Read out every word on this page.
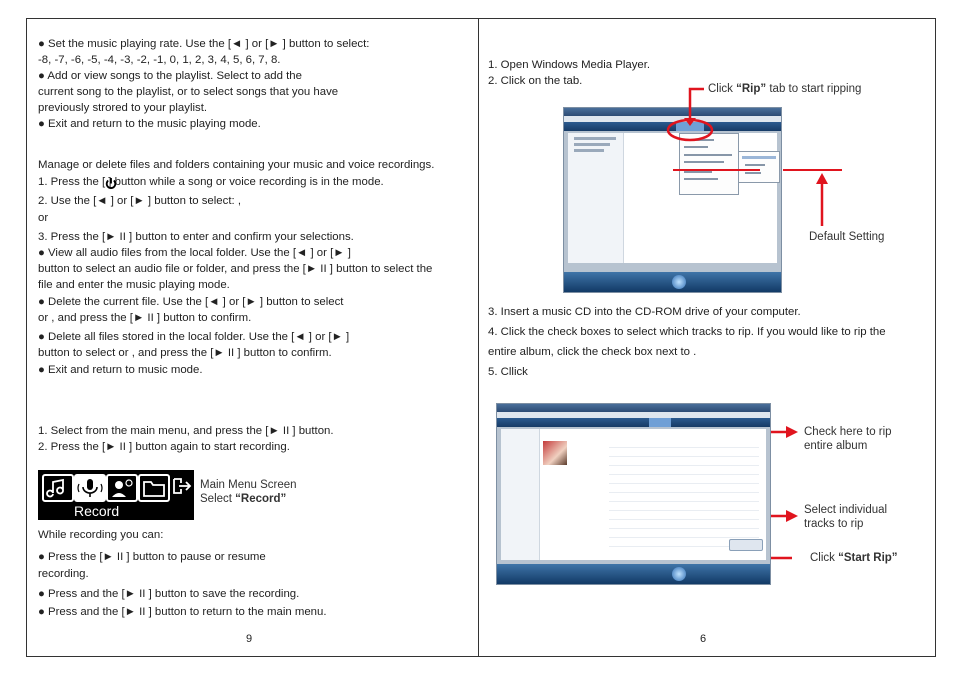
● Set the music playing rate. Use the [◄ ] or [► ] button to select:
-8, -7, -6, -5, -4, -3, -2, -1, 0, 1, 2, 3, 4, 5, 6, 7, 8.
● Add or view songs to the playlist. Select to add the
current song to the playlist, or to select songs that you have
previously strored to your playlist.
● Exit and return to the music playing mode.
Manage or delete files and folders containing your music and voice recordings.
1. Press the [ ] button while a song or voice recording is in the mode.
2. Use the [◄ ] or [► ] button to select: ,
or
3. Press the [► II ] button to enter and confirm your selections.
● View all audio files from the local folder. Use the [◄ ] or [► ]
button to select an audio file or folder, and press the [► II ] button to select the
file and enter the music playing mode.
● Delete the current file. Use the [◄ ] or [► ] button to select
or , and press the [► II ] button to confirm.
● Delete all files stored in the local folder. Use the [◄ ] or [► ]
button to select or , and press the [► II ] button to confirm.
● Exit and return to music mode.
1. Select from the main menu, and press the [► II ] button.
2. Press the [► II ] button again to start recording.
Record
Main Menu Screen
Select “Record”
While recording you can:
● Press the [► II ] button to pause or resume
recording.
● Press and the [► II ] button to save the recording.
● Press and the [► II ] button to return to the main menu.
9
1. Open Windows Media Player.
2. Click on the tab.
Click “Rip” tab to start ripping
Default Setting
3. Insert a music CD into the CD-ROM drive of your computer.
4. Click the check boxes to select which tracks to rip. If you would like to rip the
entire album, click the check box next to .
5. Cllick
Check here to rip
entire album
Select individual
tracks to rip
Click “Start Rip”
6
